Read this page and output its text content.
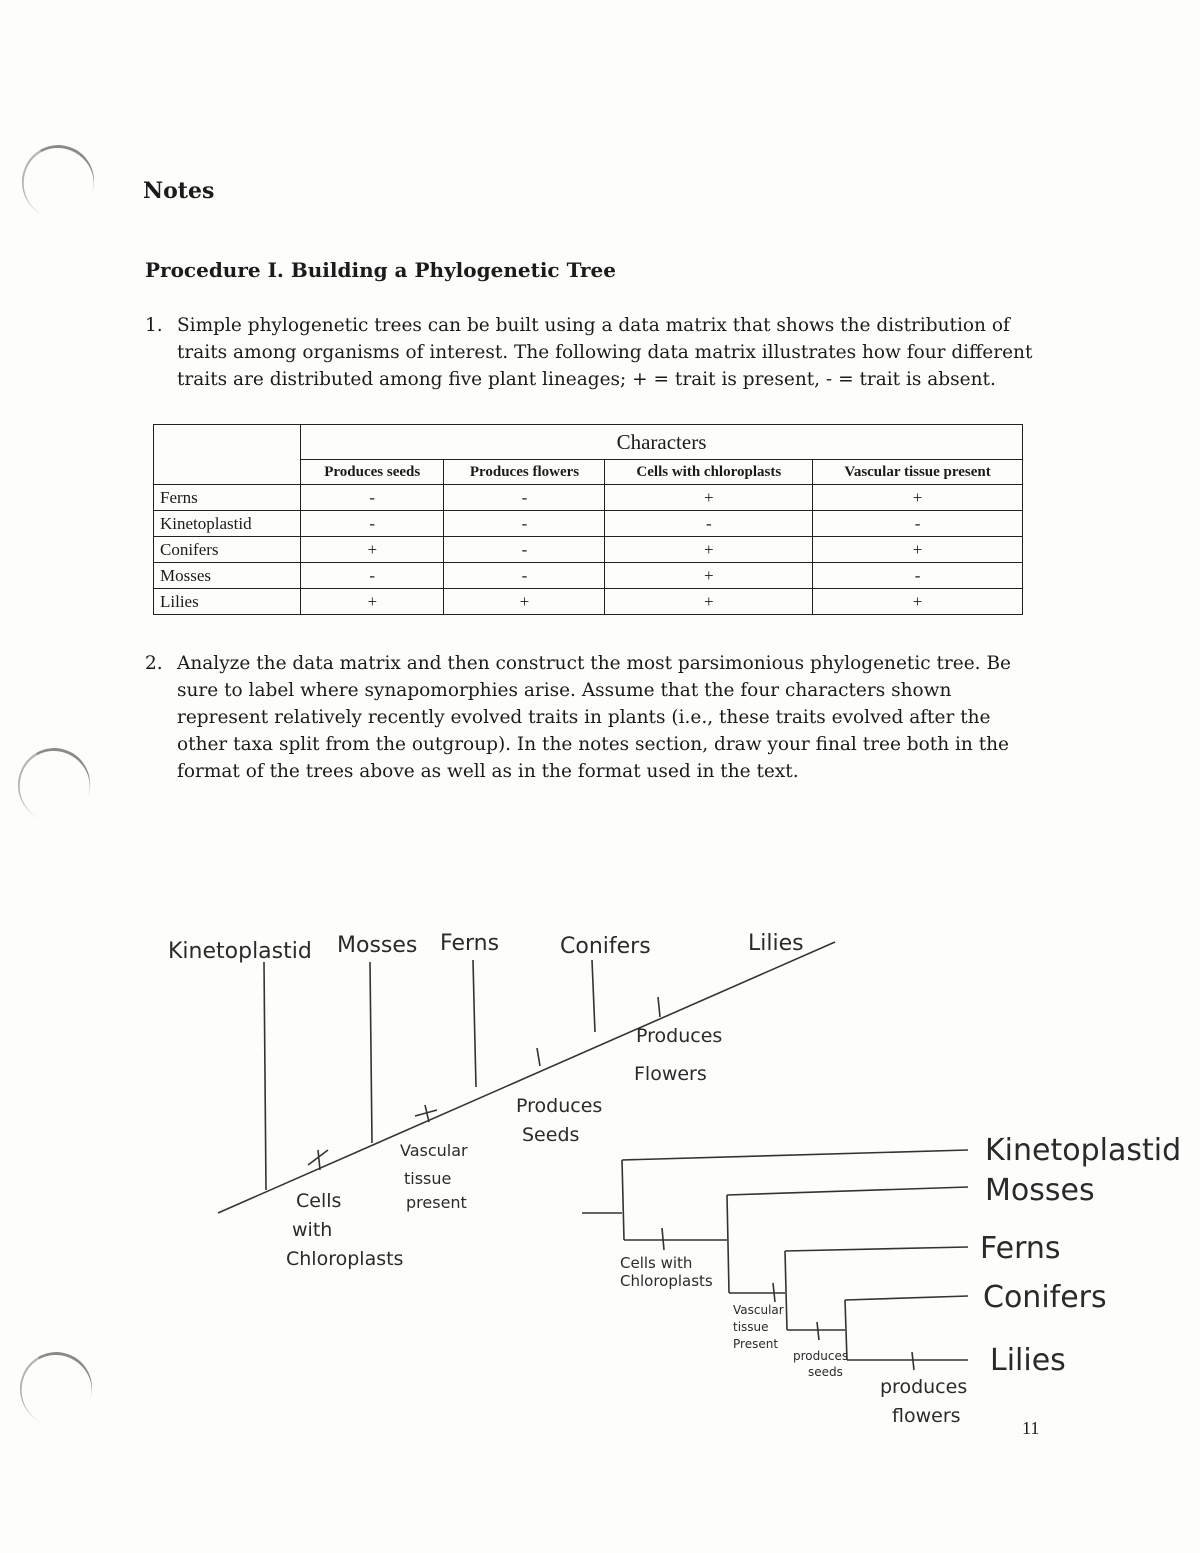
Notes
Procedure I. Building a Phylogenetic Tree
1. Simple phylogenetic trees can be built using a data matrix that shows the distribution of traits among organisms of interest. The following data matrix illustrates how four different traits are distributed among five plant lineages; + = trait is present, - = trait is absent.
	Characters			
	Produces seeds	Produces flowers	Cells with chloroplasts	Vascular tissue present
Ferns	-	-	+	+
Kinetoplastid	-	-	-	-
Conifers	+	-	+	+
Mosses	-	-	+	-
Lilies	+	+	+	+
2. Analyze the data matrix and then construct the most parsimonious phylogenetic tree. Be sure to label where synapomorphies arise. Assume that the four characters shown represent relatively recently evolved traits in plants (i.e., these traits evolved after the other taxa split from the outgroup). In the notes section, draw your final tree both in the format of the trees above as well as in the format used in the text.
Kinetoplastid Mosses Ferns	Conifers	Lilies
Cells
with
Chloroplasts
Vascular
tissue
present
Produces
Seeds
Produces
Flowers
Kinetoplastid
Mosses
Ferns
Conifers
Lilies
Cells with
Chloroplasts
Vascular
tissue
Present
produces
seeds
produces
flowers
11
